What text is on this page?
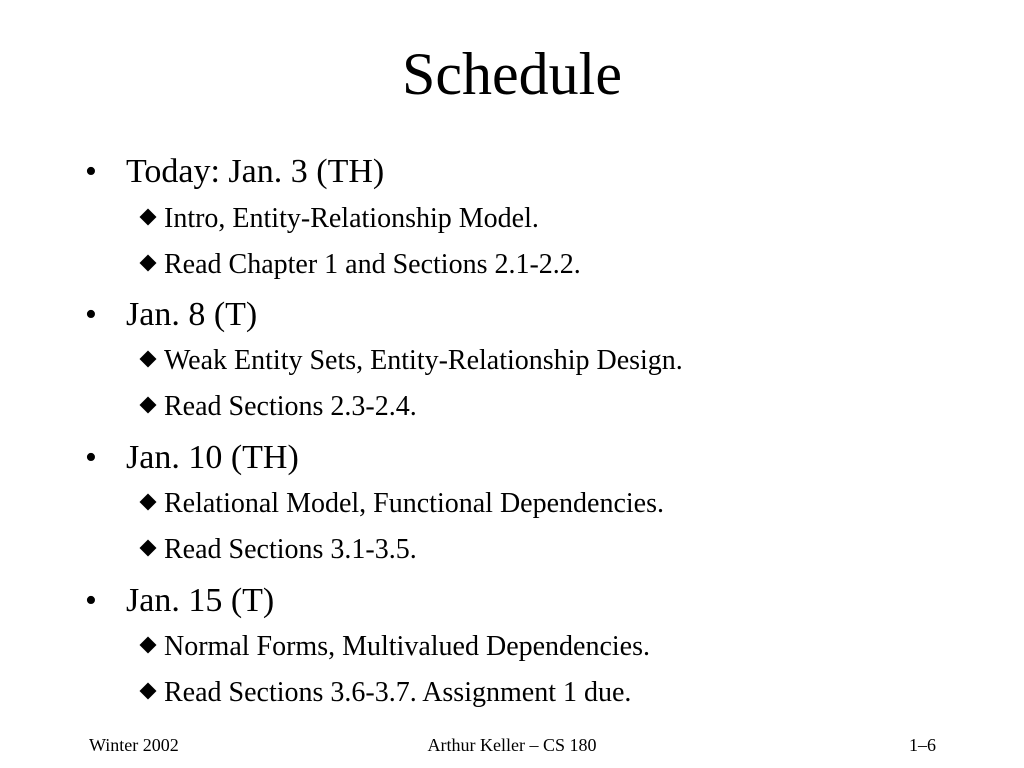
Schedule
• Today: Jan. 3 (TH)
Intro, Entity-Relationship Model.
Read Chapter 1 and Sections 2.1-2.2.
• Jan. 8 (T)
Weak Entity Sets, Entity-Relationship Design.
Read Sections 2.3-2.4.
• Jan. 10 (TH)
Relational Model, Functional Dependencies.
Read Sections 3.1-3.5.
• Jan. 15 (T)
Normal Forms, Multivalued Dependencies.
Read Sections 3.6-3.7. Assignment 1 due.
Winter 2002	Arthur Keller – CS 180	1–6
